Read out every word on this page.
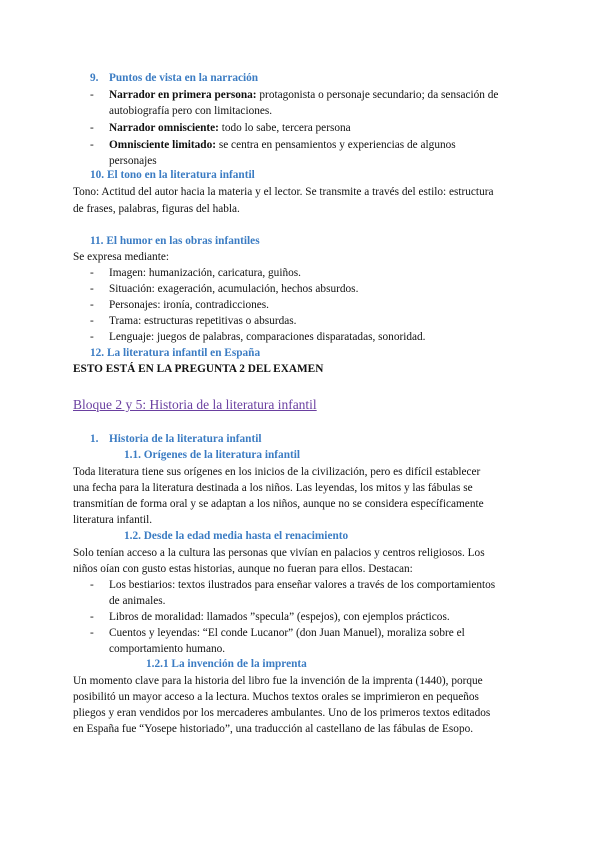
9. Puntos de vista en la narración
- Narrador en primera persona: protagonista o personaje secundario; da sensación de
autobiografía pero con limitaciones.
- Narrador omnisciente: todo lo sabe, tercera persona
- Omnisciente limitado: se centra en pensamientos y experiencias de algunos
personajes
10. El tono en la literatura infantil
Tono: Actitud del autor hacia la materia y el lector. Se transmite a través del estilo: estructura
de frases, palabras, figuras del habla.
11. El humor en las obras infantiles
Se expresa mediante:
- Imagen: humanización, caricatura, guiños.
- Situación: exageración, acumulación, hechos absurdos.
- Personajes: ironía, contradicciones.
- Trama: estructuras repetitivas o absurdas.
- Lenguaje: juegos de palabras, comparaciones disparatadas, sonoridad.
12. La literatura infantil en España
ESTO ESTÁ EN LA PREGUNTA 2 DEL EXAMEN
Bloque 2 y 5: Historia de la literatura infantil
1. Historia de la literatura infantil
1.1. Orígenes de la literatura infantil
Toda literatura tiene sus orígenes en los inicios de la civilización, pero es difícil establecer
una fecha para la literatura destinada a los niños. Las leyendas, los mitos y las fábulas se
transmitían de forma oral y se adaptan a los niños, aunque no se considera específicamente
literatura infantil.
1.2. Desde la edad media hasta el renacimiento
Solo tenían acceso a la cultura las personas que vivían en palacios y centros religiosos. Los
niños oían con gusto estas historias, aunque no fueran para ellos. Destacan:
- Los bestiarios: textos ilustrados para enseñar valores a través de los comportamientos
de animales.
- Libros de moralidad: llamados ”specula” (espejos), con ejemplos prácticos.
- Cuentos y leyendas: “El conde Lucanor” (don Juan Manuel), moraliza sobre el
comportamiento humano.
1.2.1 La invención de la imprenta
Un momento clave para la historia del libro fue la invención de la imprenta (1440), porque
posibilitó un mayor acceso a la lectura. Muchos textos orales se imprimieron en pequeños
pliegos y eran vendidos por los mercaderes ambulantes. Uno de los primeros textos editados
en España fue “Yosepe historiado”, una traducción al castellano de las fábulas de Esopo.
